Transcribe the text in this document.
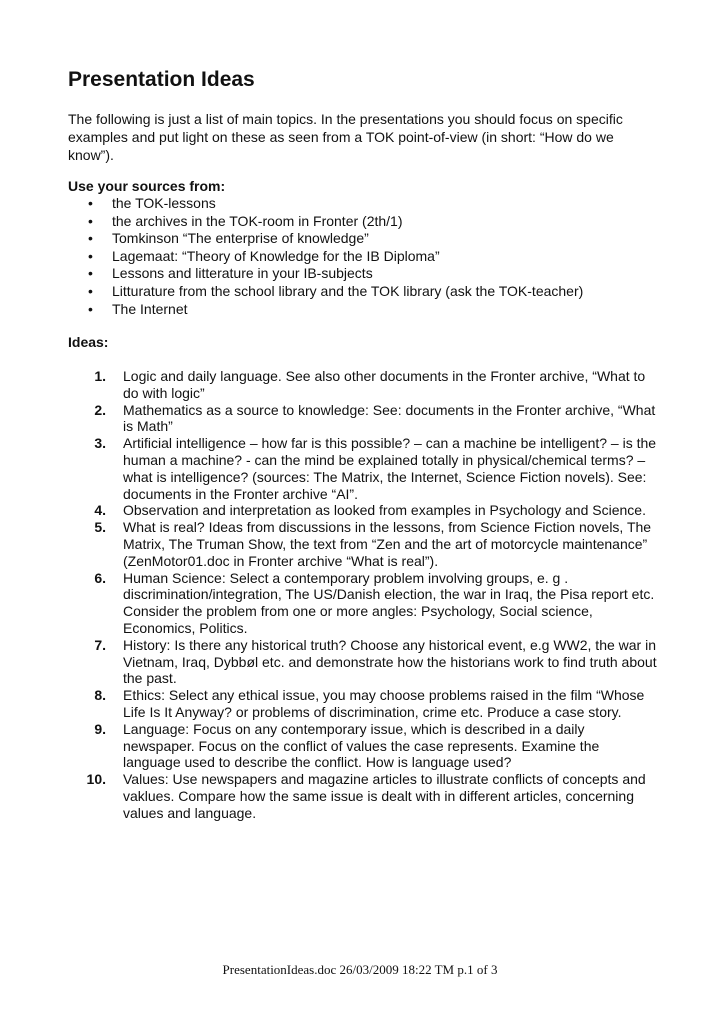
Presentation Ideas

The following is just a list of main topics. In the presentations you should focus on specific examples and put light on these as seen from a TOK point-of-view (in short: “How do we know”).

Use your sources from:

• the TOK-lessons
• the archives in the TOK-room in Fronter (2th/1)
• Tomkinson “The enterprise of knowledge”
• Lagemaat: “Theory of Knowledge for the IB Diploma”
• Lessons and litterature in your IB-subjects
• Litturature from the school library and the TOK library (ask the TOK-teacher)
• The Internet

Ideas:

1. Logic and daily language. See also other documents in the Fronter archive, “What to do with logic”
2. Mathematics as a source to knowledge: See: documents in the Fronter archive, “What is Math”
3. Artificial intelligence – how far is this possible? – can a machine be intelligent? – is the human a machine? - can the mind be explained totally in physical/chemical terms? – what is intelligence? (sources: The Matrix, the Internet, Science Fiction novels). See: documents in the Fronter archive “AI”.
4. Observation and interpretation as looked from examples in Psychology and Science.
5. What is real? Ideas from discussions in the lessons, from Science Fiction novels, The Matrix, The Truman Show, the text from “Zen and the art of motorcycle maintenance” (ZenMotor01.doc in Fronter archive “What is real”).
6. Human Science: Select a contemporary problem involving groups, e. g . discrimination/integration, The US/Danish election, the war in Iraq, the Pisa report etc. Consider the problem from one or more angles: Psychology, Social science, Economics, Politics.
7. History: Is there any historical truth? Choose any historical event, e.g WW2, the war in Vietnam, Iraq, Dybbøl etc. and demonstrate how the historians work to find truth about the past.
8. Ethics: Select any ethical issue, you may choose problems raised in the film “Whose Life Is It Anyway? or problems of discrimination, crime etc. Produce a case story.
9. Language: Focus on any contemporary issue, which is described in a daily newspaper. Focus on the conflict of values the case represents. Examine the language used to describe the conflict. How is language used?
10. Values: Use newspapers and magazine articles to illustrate conflicts of concepts and vaklues. Compare how the same issue is dealt with in different articles, concerning values and language.
PresentationIdeas.doc 26/03/2009 18:22 TM p.1 of 3
